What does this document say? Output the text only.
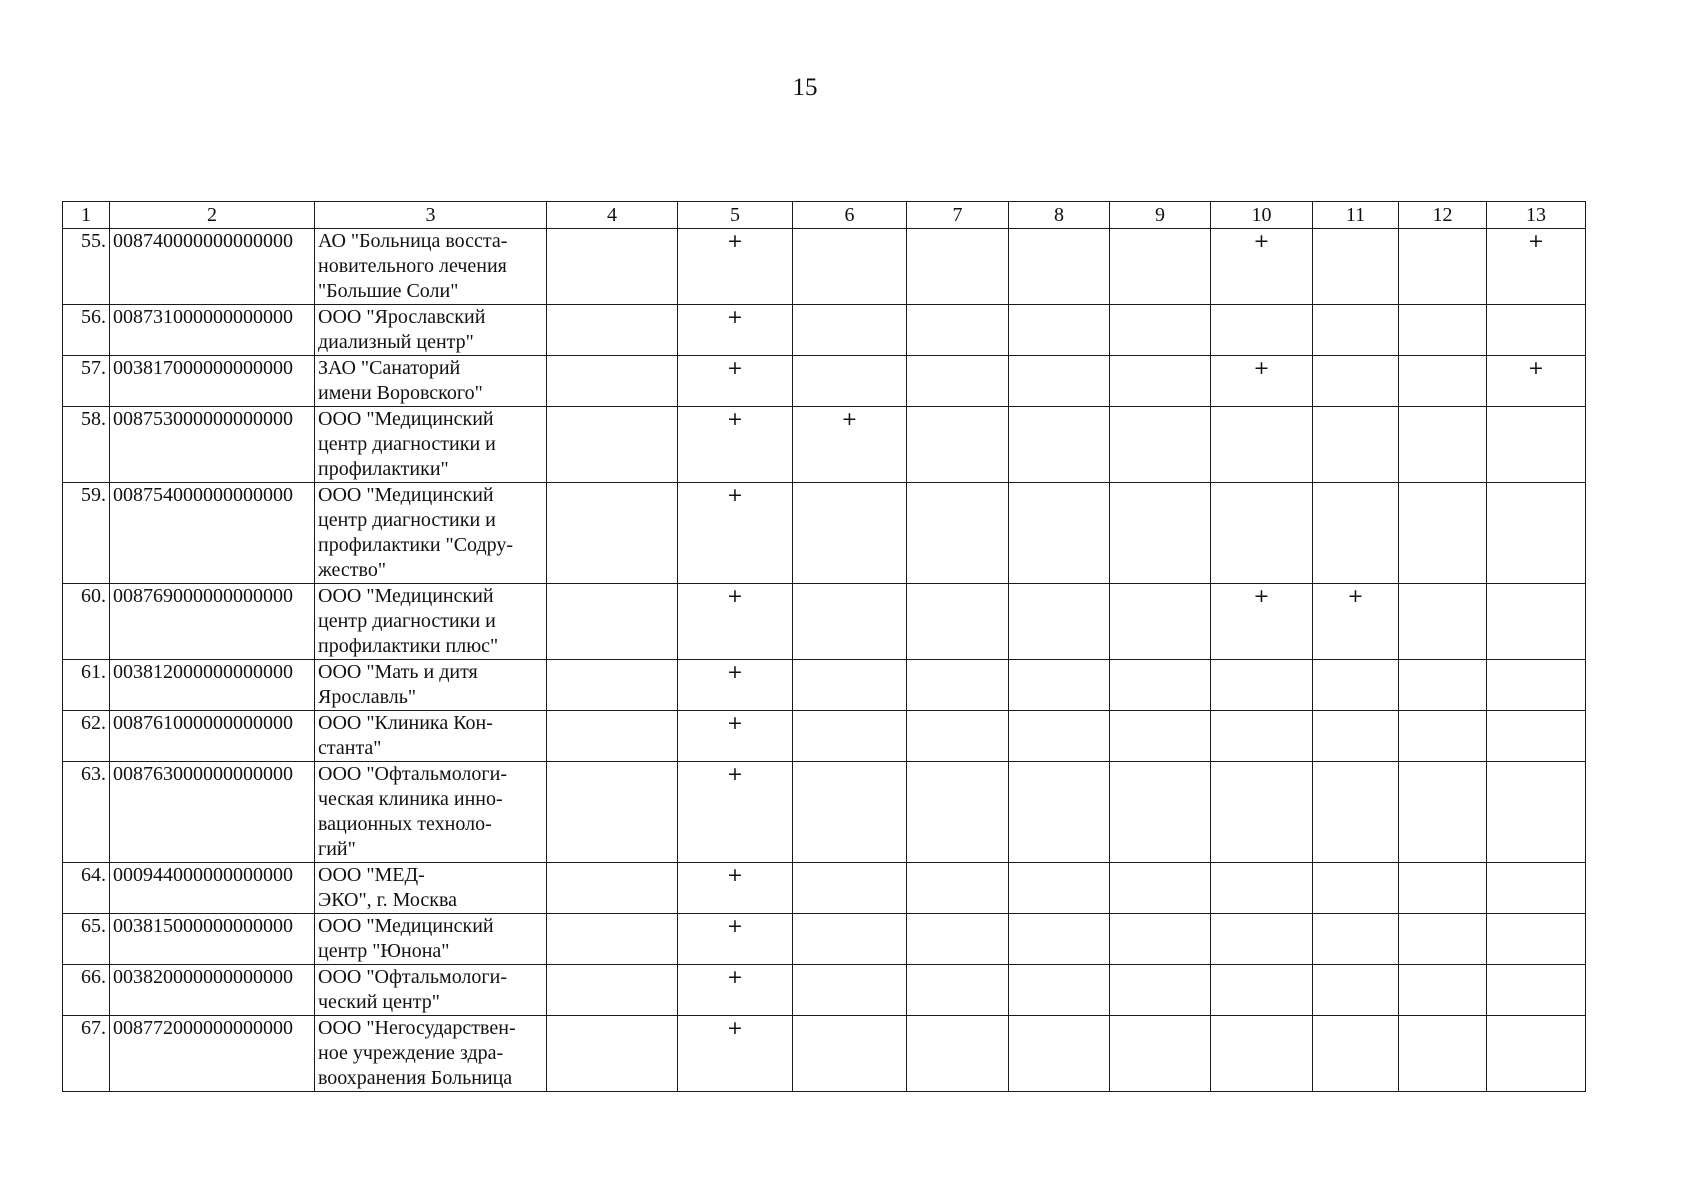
15
1	2	3	4	5	6	7	8	9	10	11	12	13
55.	008740000000000000	АО "Больница восста-
новительного лечения
"Большие Соли"		+					+			+
56.	008731000000000000	ООО "Ярославский
диализный центр"		+								
57.	003817000000000000	ЗАО "Санаторий
имени Воровского"		+					+			+
58.	008753000000000000	ООО "Медицинский
центр диагностики и
профилактики"		+	+							
59.	008754000000000000	ООО "Медицинский
центр диагностики и
профилактики "Содру-
жество"		+								
60.	008769000000000000	ООО "Медицинский
центр диагностики и
профилактики плюс"		+					+	+		
61.	003812000000000000	ООО "Мать и дитя
Ярославль"		+								
62.	008761000000000000	ООО "Клиника Кон-
станта"		+								
63.	008763000000000000	ООО "Офтальмологи-
ческая клиника инно-
вационных техноло-
гий"		+								
64.	000944000000000000	ООО "МЕД-
ЭКО", г. Москва		+								
65.	003815000000000000	ООО "Медицинский
центр "Юнона"		+								
66.	003820000000000000	ООО "Офтальмологи-
ческий центр"		+								
67.	008772000000000000	ООО "Негосударствен-
ное учреждение здра-
воохранения Больница		+								
